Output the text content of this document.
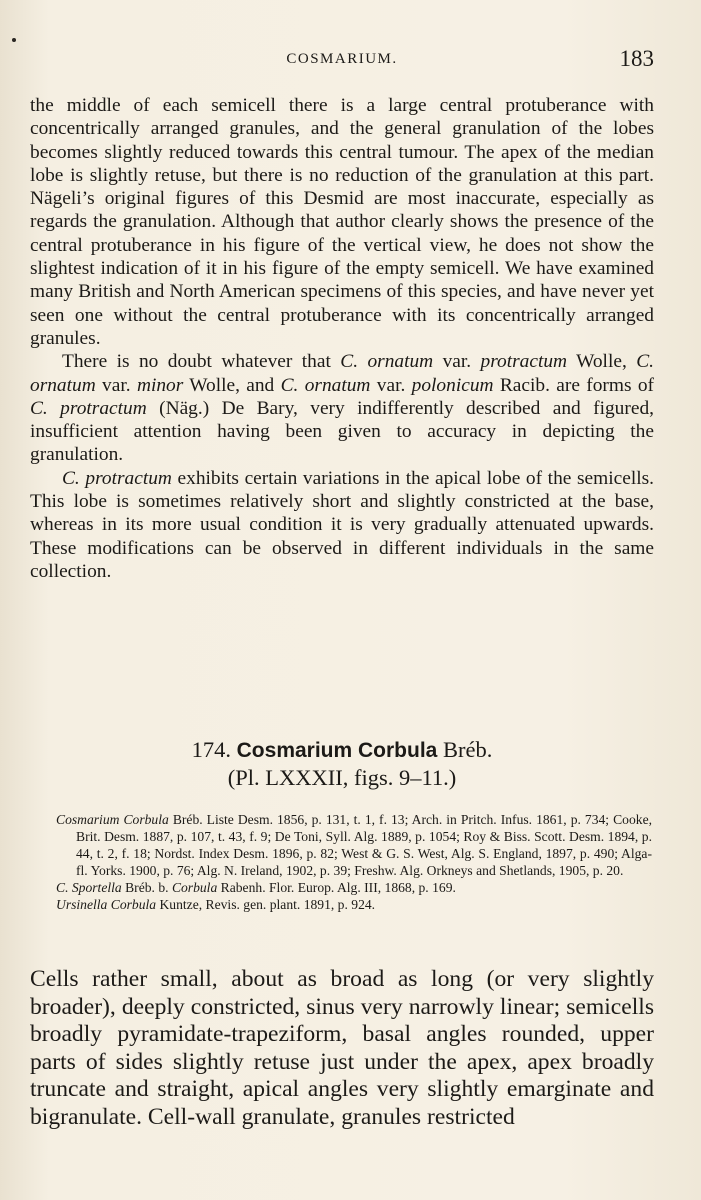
COSMARIUM.	183

the middle of each semicell there is a large central protuberance with concentrically arranged granules, and the general granulation of the lobes becomes slightly reduced towards this central tumour. The apex of the median lobe is slightly retuse, but there is no reduction of the granulation at this part. Nägeli’s original figures of this Desmid are most inaccurate, especially as regards the granulation. Although that author clearly shows the presence of the central protuberance in his figure of the vertical view, he does not show the slightest indication of it in his figure of the empty semicell. We have examined many British and North American specimens of this species, and have never yet seen one without the central protuberance with its concentrically arranged granules.

There is no doubt whatever that C. ornatum var. protractum Wolle, C. ornatum var. minor Wolle, and C. ornatum var. polonicum Racib. are forms of C. protractum (Näg.) De Bary, very indifferently described and figured, insufficient attention having been given to accuracy in depicting the granulation.

C. protractum exhibits certain variations in the apical lobe of the semicells. This lobe is sometimes relatively short and slightly constricted at the base, whereas in its more usual condition it is very gradually attenuated upwards. These modifications can be observed in different individuals in the same collection.

174. Cosmarium Corbula Bréb.
(Pl. LXXXII, figs. 9–11.)

Cosmarium Corbula Bréb. Liste Desm. 1856, p. 131, t. 1, f. 13; Arch. in Pritch. Infus. 1861, p. 734; Cooke, Brit. Desm. 1887, p. 107, t. 43, f. 9; De Toni, Syll. Alg. 1889, p. 1054; Roy & Biss. Scott. Desm. 1894, p. 44, t. 2, f. 18; Nordst. Index Desm. 1896, p. 82; West & G. S. West, Alg. S. England, 1897, p. 490; Alga-fl. Yorks. 1900, p. 76; Alg. N. Ireland, 1902, p. 39; Freshw. Alg. Orkneys and Shetlands, 1905, p. 20.

C. Sportella Bréb. b. Corbula Rabenh. Flor. Europ. Alg. III, 1868, p. 169.

Ursinella Corbula Kuntze, Revis. gen. plant. 1891, p. 924.

Cells rather small, about as broad as long (or very slightly broader), deeply constricted, sinus very narrowly linear; semicells broadly pyramidate-trapeziform, basal angles rounded, upper parts of sides slightly retuse just under the apex, apex broadly truncate and straight, apical angles very slightly emarginate and bigranulate. Cell-wall granulate, granules restricted
